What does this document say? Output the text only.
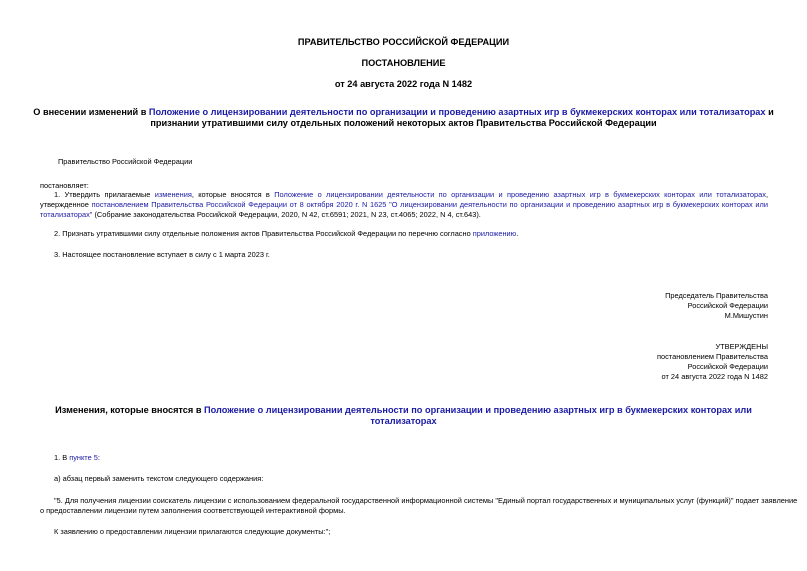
ПРАВИТЕЛЬСТВО РОССИЙСКОЙ ФЕДЕРАЦИИ
ПОСТАНОВЛЕНИЕ
от 24 августа 2022 года N 1482
О внесении изменений в Положение о лицензировании деятельности по организации и проведению азартных игр в букмекерских конторах или тотализаторах и
признании утратившими силу отдельных положений некоторых актов Правительства Российской Федерации
Правительство Российской Федерации
постановляет:
1. Утвердить прилагаемые изменения, которые вносятся в Положение о лицензировании деятельности по организации и проведению азартных игр в букмекерских конторах или тотализаторах, утвержденное постановлением Правительства Российской Федерации от 8 октября 2020 г. N 1625 "О лицензировании деятельности по организации и проведению азартных игр в букмекерских конторах или тотализаторах" (Собрание законодательства Российской Федерации, 2020, N 42, ст.6591; 2021, N 23, ст.4065; 2022, N 4, ст.643).
2. Признать утратившими силу отдельные положения актов Правительства Российской Федерации по перечню согласно приложению.
3. Настоящее постановление вступает в силу с 1 марта 2023 г.
Председатель Правительства
Российской Федерации
М.Мишустин
УТВЕРЖДЕНЫ
постановлением Правительства
Российской Федерации
от 24 августа 2022 года N 1482
Изменения, которые вносятся в Положение о лицензировании деятельности по организации и проведению азартных игр в букмекерских конторах или
тотализаторах
1. В пункте 5:
а) абзац первый заменить текстом следующего содержания:
"5. Для получения лицензии соискатель лицензии с использованием федеральной государственной информационной системы "Единый портал государственных и муниципальных услуг (функций)" подает заявление
о предоставлении лицензии путем заполнения соответствующей интерактивной формы.
К заявлению о предоставлении лицензии прилагаются следующие документы:";
